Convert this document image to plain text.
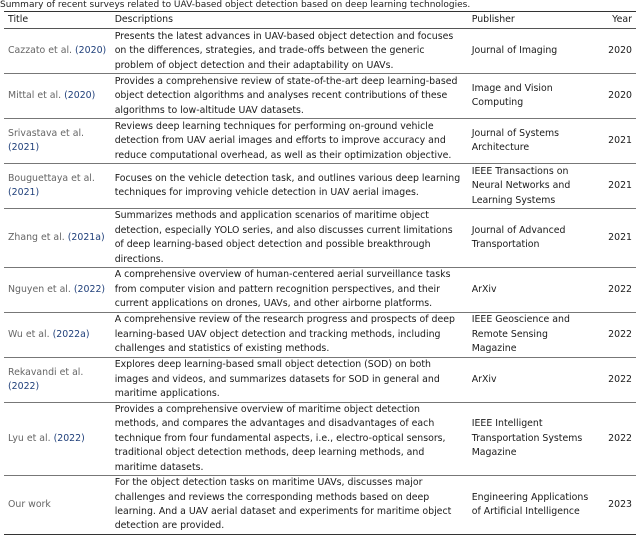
Summary of recent surveys related to UAV-based object detection based on deep learning technologies.
Title	Descriptions	Publisher	Year
Cazzato et al. (2020)	Presents the latest advances in UAV-based object detection and focuses on the differences, strategies, and trade-offs between the generic problem of object detection and their adaptability on UAVs.	Journal of Imaging	2020
Mittal et al. (2020)	Provides a comprehensive review of state-of-the-art deep learning-based object detection algorithms and analyses recent contributions of these algorithms to low-altitude UAV datasets.	Image and Vision Computing	2020
Srivastava et al. (2021)	Reviews deep learning techniques for performing on-ground vehicle detection from UAV aerial images and efforts to improve accuracy and reduce computational overhead, as well as their optimization objective.	Journal of Systems Architecture	2021
Bouguettaya et al. (2021)	Focuses on the vehicle detection task, and outlines various deep learning techniques for improving vehicle detection in UAV aerial images.	IEEE Transactions on Neural Networks and Learning Systems	2021
Zhang et al. (2021a)	Summarizes methods and application scenarios of maritime object detection, especially YOLO series, and also discusses current limitations of deep learning-based object detection and possible breakthrough directions.	Journal of Advanced Transportation	2021
Nguyen et al. (2022)	A comprehensive overview of human-centered aerial surveillance tasks from computer vision and pattern recognition perspectives, and their current applications on drones, UAVs, and other airborne platforms.	ArXiv	2022
Wu et al. (2022a)	A comprehensive review of the research progress and prospects of deep learning-based UAV object detection and tracking methods, including challenges and statistics of existing methods.	IEEE Geoscience and Remote Sensing Magazine	2022
Rekavandi et al. (2022)	Explores deep learning-based small object detection (SOD) on both images and videos, and summarizes datasets for SOD in general and maritime applications.	ArXiv	2022
Lyu et al. (2022)	Provides a comprehensive overview of maritime object detection methods, and compares the advantages and disadvantages of each technique from four fundamental aspects, i.e., electro-optical sensors, traditional object detection methods, deep learning methods, and maritime datasets.	IEEE Intelligent Transportation Systems Magazine	2022
Our work	For the object detection tasks on maritime UAVs, discusses major challenges and reviews the corresponding methods based on deep learning. And a UAV aerial dataset and experiments for maritime object detection are provided.	Engineering Applications of Artificial Intelligence	2023
